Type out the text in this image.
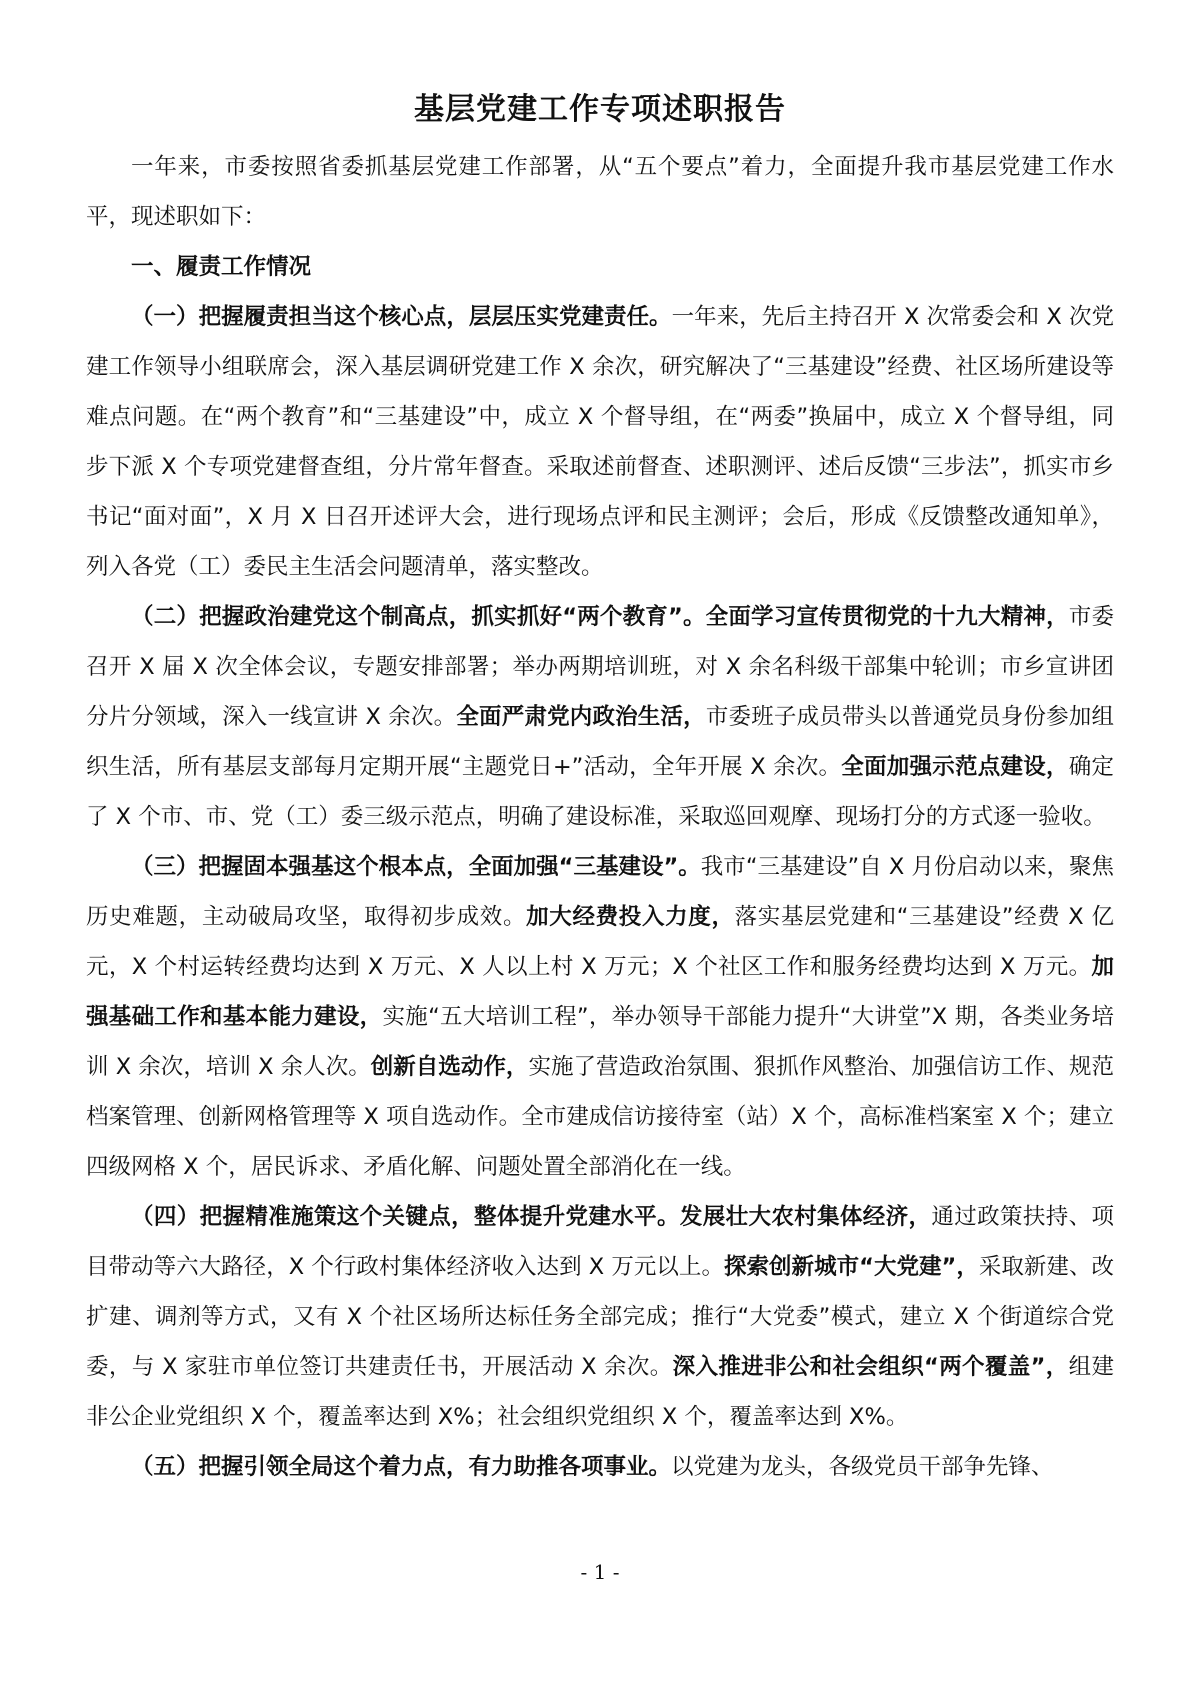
基层党建工作专项述职报告

一年来，市委按照省委抓基层党建工作部署，从“五个要点”着力，全面提升我市基层党建工作水平，现述职如下：

一、履责工作情况

（一）把握履责担当这个核心点，层层压实党建责任。一年来，先后主持召开 X 次常委会和 X 次党建工作领导小组联席会，深入基层调研党建工作 X 余次，研究解决了“三基建设”经费、社区场所建设等难点问题。在“两个教育”和“三基建设”中，成立 X 个督导组，在“两委”换届中，成立 X 个督导组，同步下派 X 个专项党建督查组，分片常年督查。采取述前督查、述职测评、述后反馈“三步法”，抓实市乡书记“面对面”，X 月 X 日召开述评大会，进行现场点评和民主测评；会后，形成《反馈整改通知单》，列入各党（工）委民主生活会问题清单，落实整改。

（二）把握政治建党这个制高点，抓实抓好“两个教育”。全面学习宣传贯彻党的十九大精神，市委召开 X 届 X 次全体会议，专题安排部署；举办两期培训班，对 X 余名科级干部集中轮训；市乡宣讲团分片分领域，深入一线宣讲 X 余次。全面严肃党内政治生活，市委班子成员带头以普通党员身份参加组织生活，所有基层支部每月定期开展“主题党日+”活动，全年开展 X 余次。全面加强示范点建设，确定了 X 个市、市、党（工）委三级示范点，明确了建设标准，采取巡回观摩、现场打分的方式逐一验收。

（三）把握固本强基这个根本点，全面加强“三基建设”。我市“三基建设”自 X 月份启动以来，聚焦历史难题，主动破局攻坚，取得初步成效。加大经费投入力度，落实基层党建和“三基建设”经费 X 亿元，X 个村运转经费均达到 X 万元、X 人以上村 X 万元；X 个社区工作和服务经费均达到 X 万元。加强基础工作和基本能力建设，实施“五大培训工程”，举办领导干部能力提升“大讲堂”X 期，各类业务培训 X 余次，培训 X 余人次。创新自选动作，实施了营造政治氛围、狠抓作风整治、加强信访工作、规范档案管理、创新网格管理等 X 项自选动作。全市建成信访接待室（站）X 个，高标准档案室 X 个；建立四级网格 X 个，居民诉求、矛盾化解、问题处置全部消化在一线。

（四）把握精准施策这个关键点，整体提升党建水平。发展壮大农村集体经济，通过政策扶持、项目带动等六大路径，X 个行政村集体经济收入达到 X 万元以上。探索创新城市“大党建”，采取新建、改扩建、调剂等方式，又有 X 个社区场所达标任务全部完成；推行“大党委”模式，建立 X 个街道综合党委，与 X 家驻市单位签订共建责任书，开展活动 X 余次。深入推进非公和社会组织“两个覆盖”，组建非公企业党组织 X 个，覆盖率达到 X%；社会组织党组织 X 个，覆盖率达到 X%。

（五）把握引领全局这个着力点，有力助推各项事业。以党建为龙头，各级党员干部争先锋、

- 1 -
